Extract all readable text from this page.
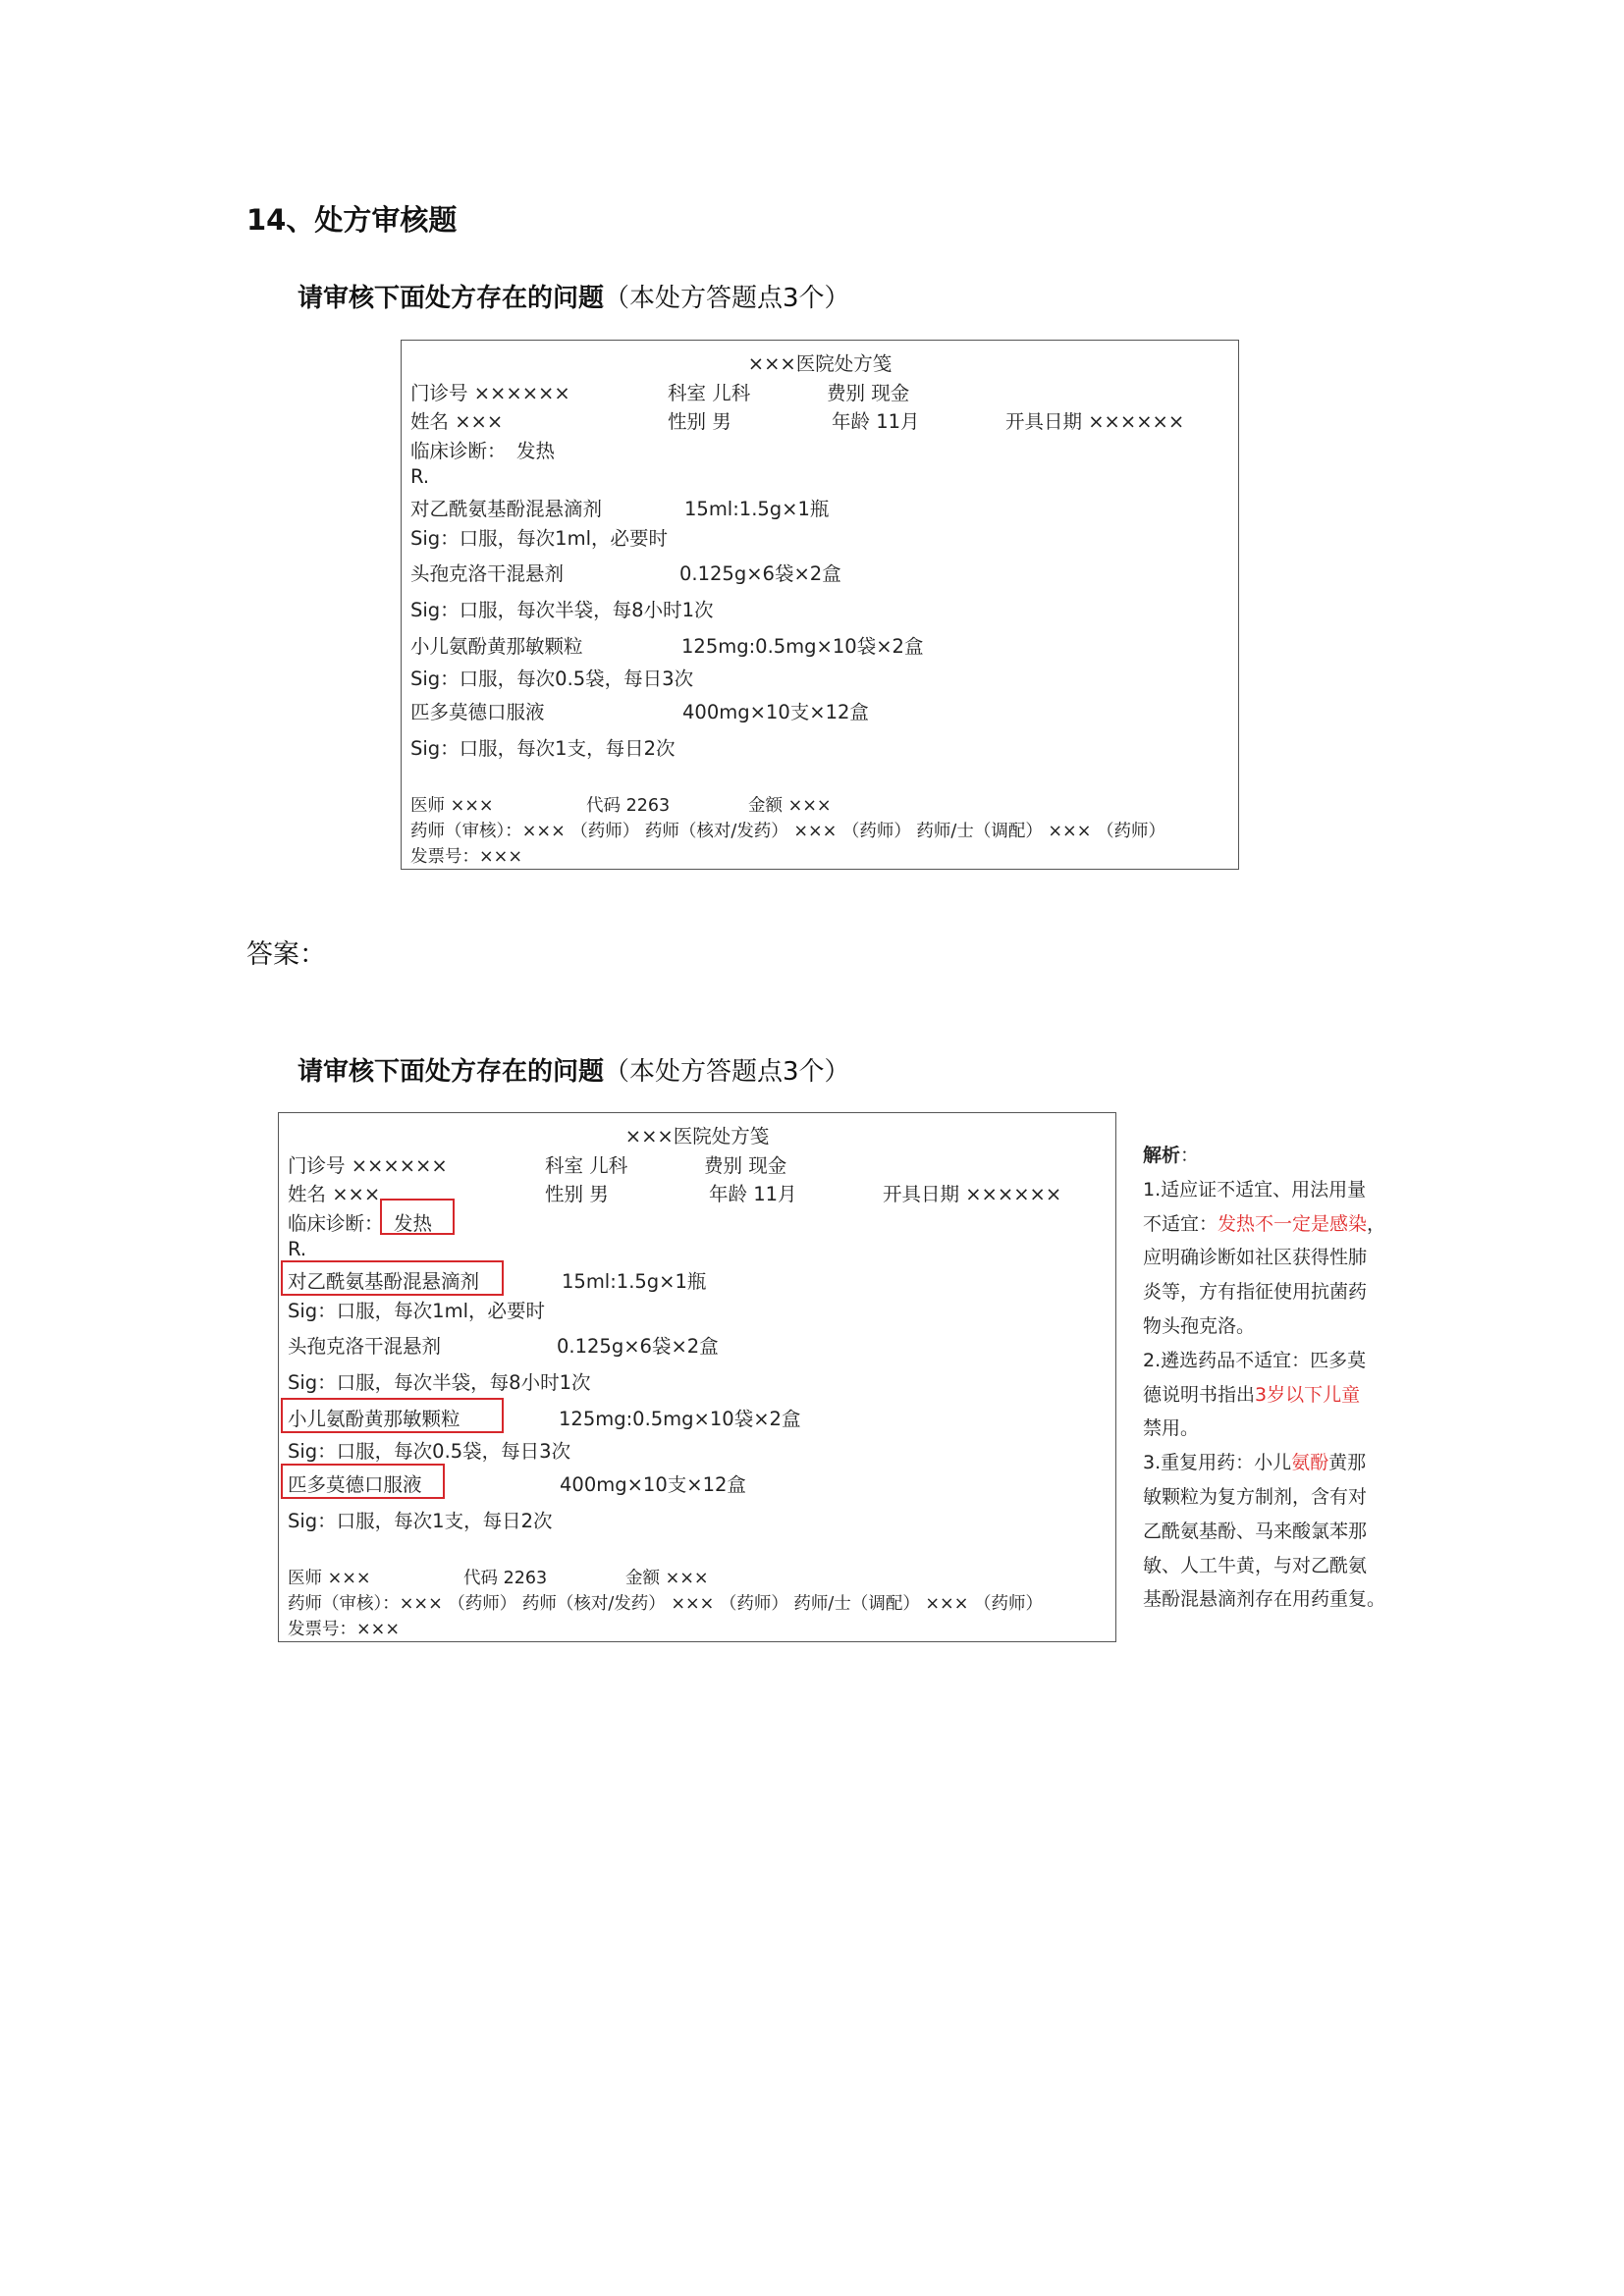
14、处方审核题
请审核下面处方存在的问题（本处方答题点3个）
×××医院处方笺
门诊号 ××××××	科室 儿科	费别 现金
姓名 ×××	性别 男	年龄 11月	开具日期 ××××××
临床诊断： 发热
R.
对乙酰氨基酚混悬滴剂	15ml:1.5g×1瓶
Sig：口服，每次1ml，必要时
头孢克洛干混悬剂	0.125g×6袋×2盒
Sig：口服，每次半袋，每8小时1次
小儿氨酚黄那敏颗粒	125mg:0.5mg×10袋×2盒
Sig：口服，每次0.5袋，每日3次
匹多莫德口服液	400mg×10支×12盒
Sig：口服，每次1支，每日2次
医师 ×××	代码 2263	金额 ×××
药师（审核）：××× （药师） 药师（核对/发药） ××× （药师） 药师/士（调配） ××× （药师）
发票号：×××
答案：
请审核下面处方存在的问题（本处方答题点3个）
×××医院处方笺
门诊号 ××××××	科室 儿科	费别 现金
姓名 ×××	性别 男	年龄 11月	开具日期 ××××××
临床诊断： 发热
R.
对乙酰氨基酚混悬滴剂	15ml:1.5g×1瓶
Sig：口服，每次1ml，必要时
头孢克洛干混悬剂	0.125g×6袋×2盒
Sig：口服，每次半袋，每8小时1次
小儿氨酚黄那敏颗粒	125mg:0.5mg×10袋×2盒
Sig：口服，每次0.5袋，每日3次
匹多莫德口服液	400mg×10支×12盒
Sig：口服，每次1支，每日2次
医师 ×××	代码 2263	金额 ×××
药师（审核）：××× （药师） 药师（核对/发药） ××× （药师） 药师/士（调配） ××× （药师）
发票号：×××
解析：
1.适应证不适宜、用法用量
不适宜：发热不一定是感染，
应明确诊断如社区获得性肺
炎等，方有指征使用抗菌药
物头孢克洛。
2.遴选药品不适宜：匹多莫
德说明书指出3岁以下儿童
禁用。
3.重复用药：小儿氨酚黄那
敏颗粒为复方制剂，含有对
乙酰氨基酚、马来酸氯苯那
敏、人工牛黄，与对乙酰氨
基酚混悬滴剂存在用药重复。
